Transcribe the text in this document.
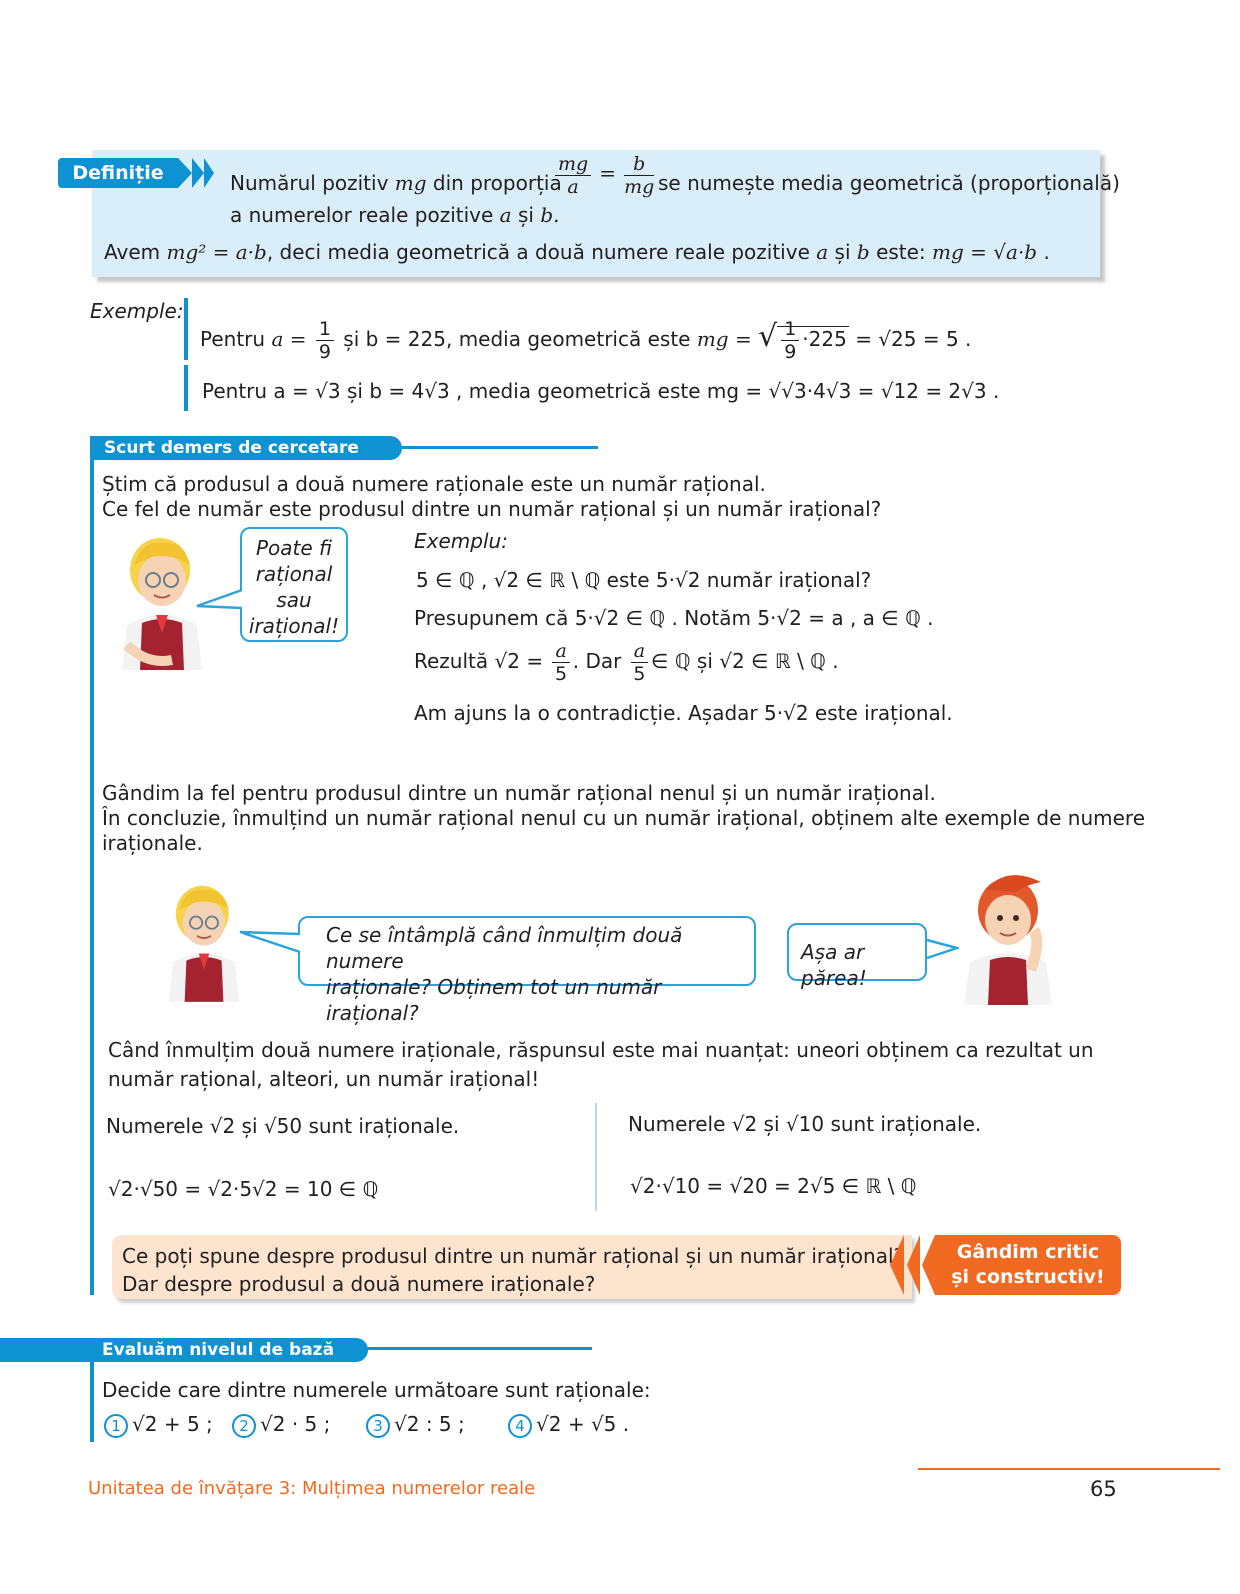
Definiție	Numărul pozitiv mg din proporția
$\frac{mg}{a} = \frac{b}{mg}$ se numește media geometrică (proporțională)
a numerelor reale pozitive a și b.
Avem mg² = a·b, deci media geometrică a două numere reale pozitive a și b este: mg = √a·b .
Exemple:
Pentru $a = \frac{1}{9}$ și b = 225, media geometrică este mg = √ $\frac{1}{9} \cdot 225 = √25 = 5$ .
Pentru a = √3 și b = 4√3 , media geometrică este mg = √√3·4√3 = √12 = 2√3 .
Scurt demers de cercetare
Știm că produsul a două numere raționale este un număr rațional.
Ce fel de număr este produsul dintre un număr rațional și un număr irațional?
Poate fi
rațional
sau
irațional!
Exemplu:
5 ∈ ℚ , √2 ∈ ℝ \ ℚ este 5·√2 număr irațional?
Presupunem că 5·√2 ∈ ℚ . Notăm 5·√2 = a , a ∈ ℚ .
Rezultă $√2 = \frac{a}{5}$ . Dar $\frac{a}{5}$ ∈ ℚ și √2 ∈ ℝ \ ℚ .
Am ajuns la o contradicție. Așadar 5·√2 este irațional.
Gândim la fel pentru produsul dintre un număr rațional nenul și un număr irațional.
În concluzie, înmulțind un număr rațional nenul cu un număr irațional, obținem alte exemple de numere
iraționale.
Ce se întâmplă când înmulțim două numere
iraționale? Obținem tot un număr irațional?
Așa ar părea!
Când înmulțim două numere iraționale, răspunsul este mai nuanțat: uneori obținem ca rezultat un
număr rațional, alteori, un număr irațional!
Numerele √2 și √50 sunt iraționale.
√2·√50 = √2·5√2 = 10 ∈ ℚ
Numerele √2 și √10 sunt iraționale.
√2·√10 = √20 = 2√5 ∈ ℝ \ ℚ
Ce poți spune despre produsul dintre un număr rațional și un număr irațional?
Dar despre produsul a două numere iraționale?
Gândim critic
și constructiv!
Evaluăm nivelul de bază
Decide care dintre numerele următoare sunt raționale:
1 √2 + 5 ;	2 √2 · 5 ;	3 √2 : 5 ;	4 √2 + √5 .
Unitatea de învățare 3: Mulțimea numerelor reale	65
